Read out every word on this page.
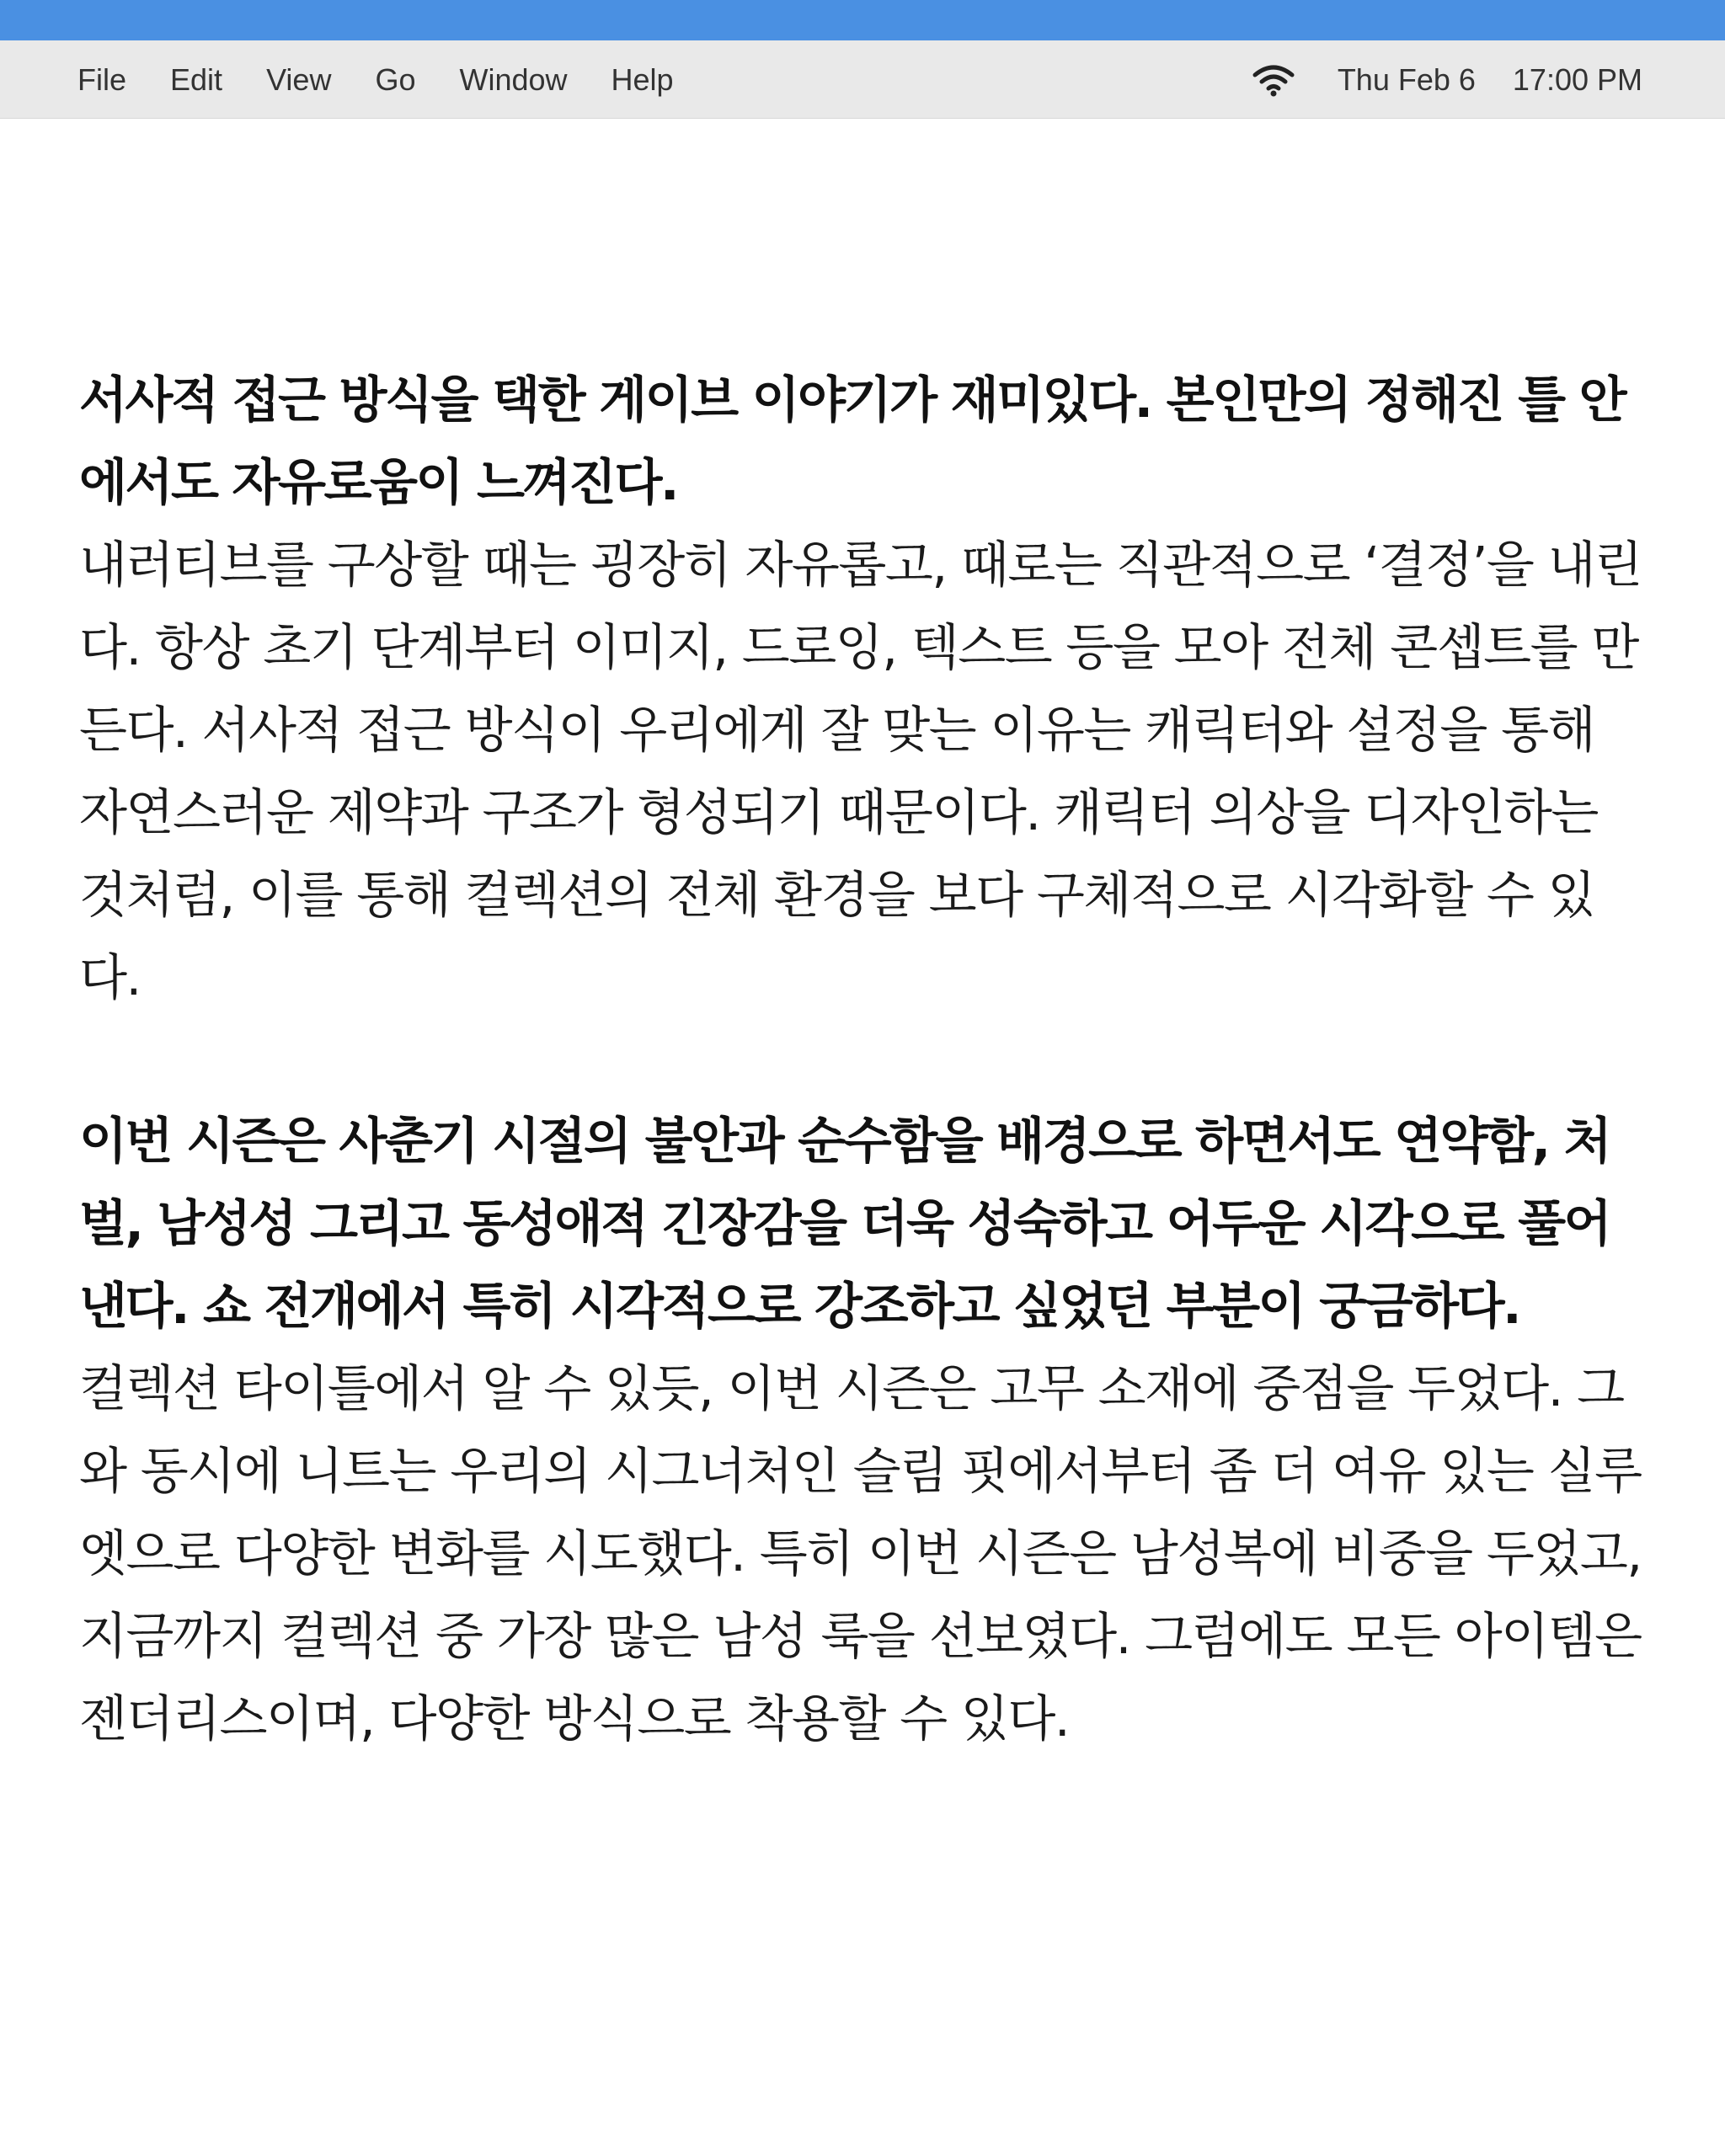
File Edit View Go Window Help	Thu Feb 6 17:00 PM

서사적 접근 방식을 택한 게이브 이야기가 재미있다. 본인만의 정해진 틀 안에서도 자유로움이 느껴진다.

내러티브를 구상할 때는 굉장히 자유롭고, 때로는 직관적으로 ‘결정’을 내린다. 항상 초기 단계부터 이미지, 드로잉, 텍스트 등을 모아 전체 콘셉트를 만든다. 서사적 접근 방식이 우리에게 잘 맞는 이유는 캐릭터와 설정을 통해 자연스러운 제약과 구조가 형성되기 때문이다. 캐릭터 의상을 디자인하는 것처럼, 이를 통해 컬렉션의 전체 환경을 보다 구체적으로 시각화할 수 있다.

이번 시즌은 사춘기 시절의 불안과 순수함을 배경으로 하면서도 연약함, 처벌, 남성성 그리고 동성애적 긴장감을 더욱 성숙하고 어두운 시각으로 풀어낸다. 쇼 전개에서 특히 시각적으로 강조하고 싶었던 부분이 궁금하다.

컬렉션 타이틀에서 알 수 있듯, 이번 시즌은 고무 소재에 중점을 두었다. 그와 동시에 니트는 우리의 시그너처인 슬림 핏에서부터 좀 더 여유 있는 실루엣으로 다양한 변화를 시도했다. 특히 이번 시즌은 남성복에 비중을 두었고, 지금까지 컬렉션 중 가장 많은 남성 룩을 선보였다. 그럼에도 모든 아이템은 젠더리스이며, 다양한 방식으로 착용할 수 있다.
